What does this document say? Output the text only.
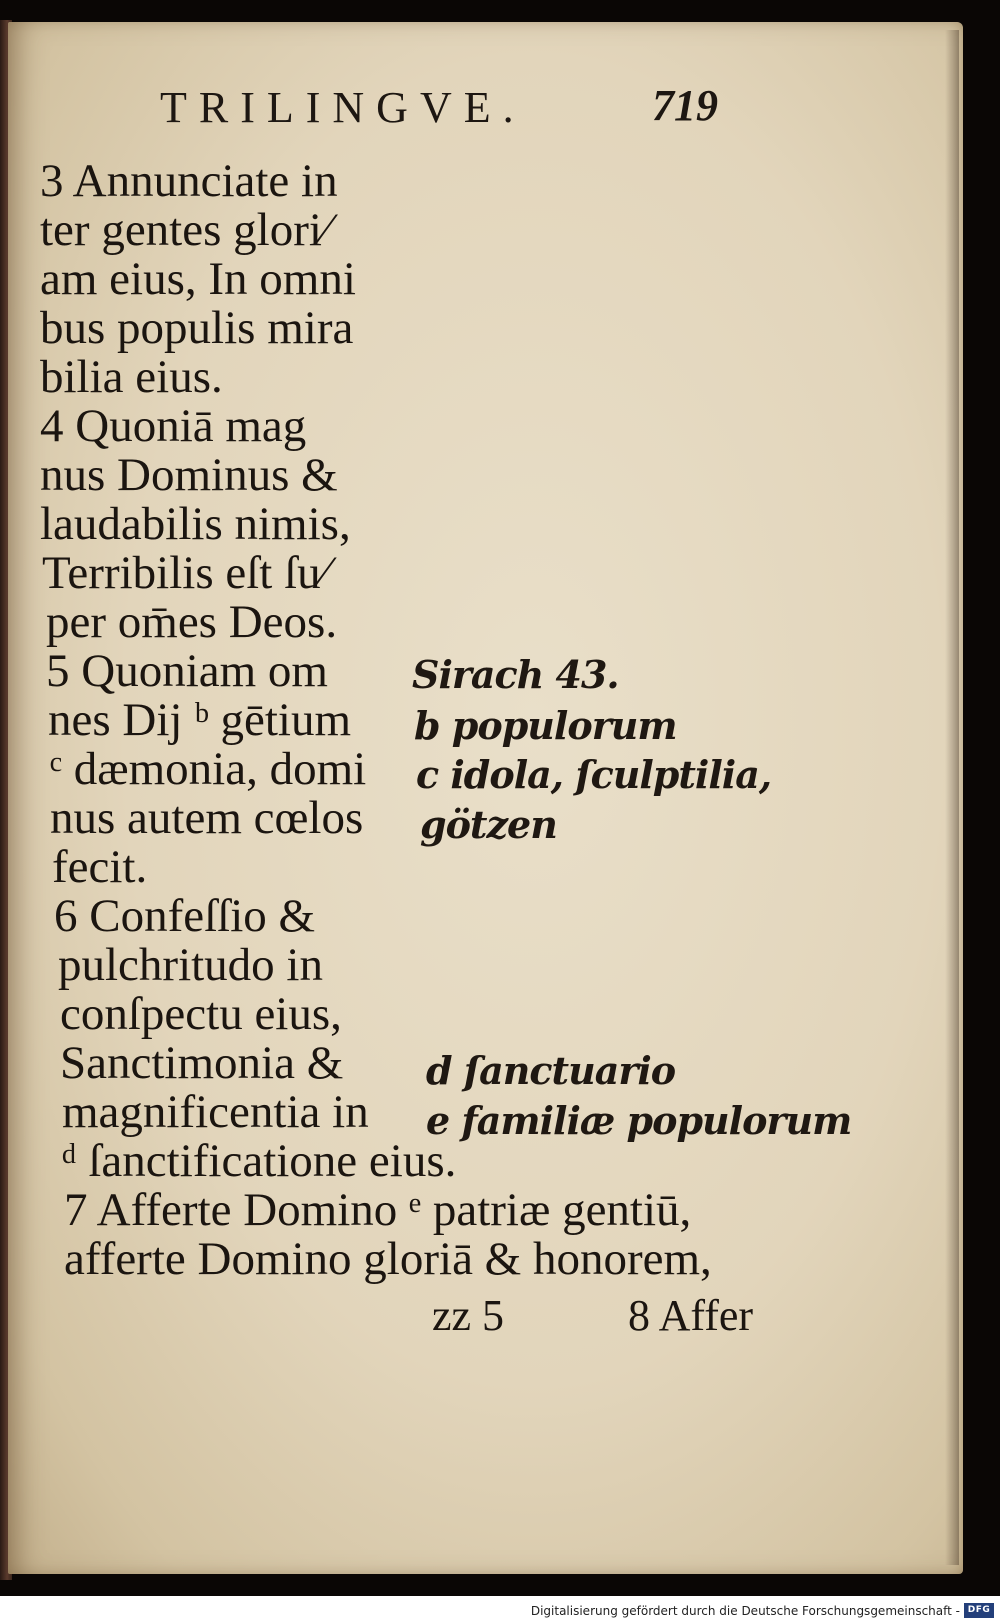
TRILINGVE.	719
3 Annunciate in
ter gentes glori⁄
am eius, In omni
bus populis mira
bilia eius.
4 Quoniā mag
nus Dominus &
laudabilis nimis,
Terribilis eſt ſu⁄
per om̄es Deos.
5 Quoniam om
nes Dij ᵇ gētium
ᶜ dæmonia, domi
nus autem cœlos
fecit.
6 Confeſſio &
pulchritudo in
conſpectu eius,
Sanctimonia &
magnificentia in
ᵈ ſanctificatione eius.
7 Afferte Domino ᵉ patriæ gentiū,
afferte Domino gloriā & honorem,
Sirach 43.
b populorum
c idola, ſculptilia,
götzen
d ſanctuario
e familiæ populorum
zz 5	8 Affer
Digitalisierung gefördert durch die Deutsche Forschungsgemeinschaft - DFG
